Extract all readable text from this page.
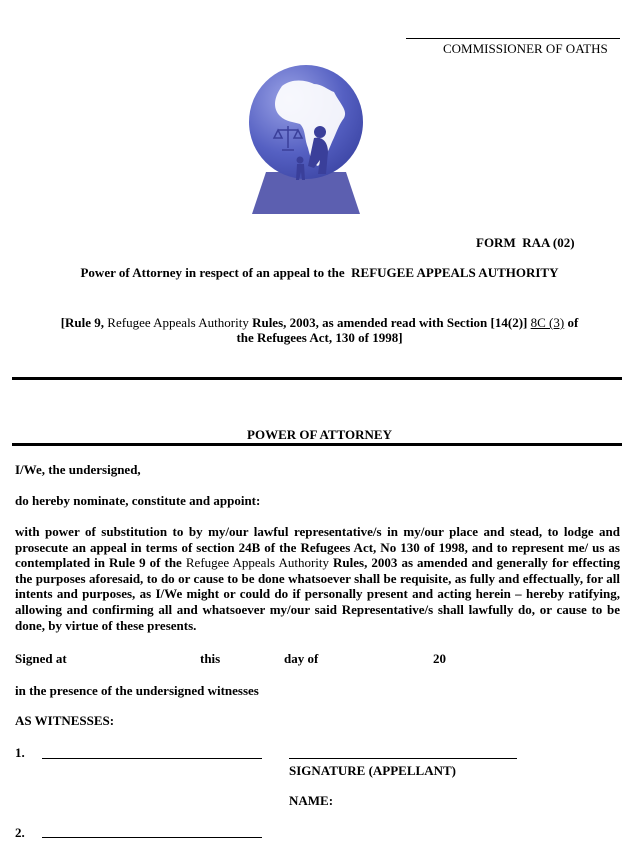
COMMISSIONER OF OATHS
FORM RAA (02)
Power of Attorney in respect of an appeal to the REFUGEE APPEALS AUTHORITY
[Rule 9, Refugee Appeals Authority Rules, 2003, as amended read with Section [14(2)] 8C (3) of
the Refugees Act, 130 of 1998]
POWER OF ATTORNEY
I/We, the undersigned,
do hereby nominate, constitute and appoint:
with power of substitution to by my/our lawful representative/s in my/our place and stead, to lodge and prosecute an appeal in terms of section 24B of the Refugees Act, No 130 of 1998, and to represent me/ us as contemplated in Rule 9 of the Refugee Appeals Authority Rules, 2003 as amended and generally for effecting the purposes aforesaid, to do or cause to be done whatsoever shall be requisite, as fully and effectually, for all intents and purposes, as I/We might or could do if personally present and acting herein – hereby ratifying, allowing and confirming all and whatsoever my/our said Representative/s shall lawfully do, or cause to be done, by virtue of these presents.
Signed at	this	day of	20
in the presence of the undersigned witnesses
AS WITNESSES:
1.
SIGNATURE (APPELLANT)
NAME:
2.
